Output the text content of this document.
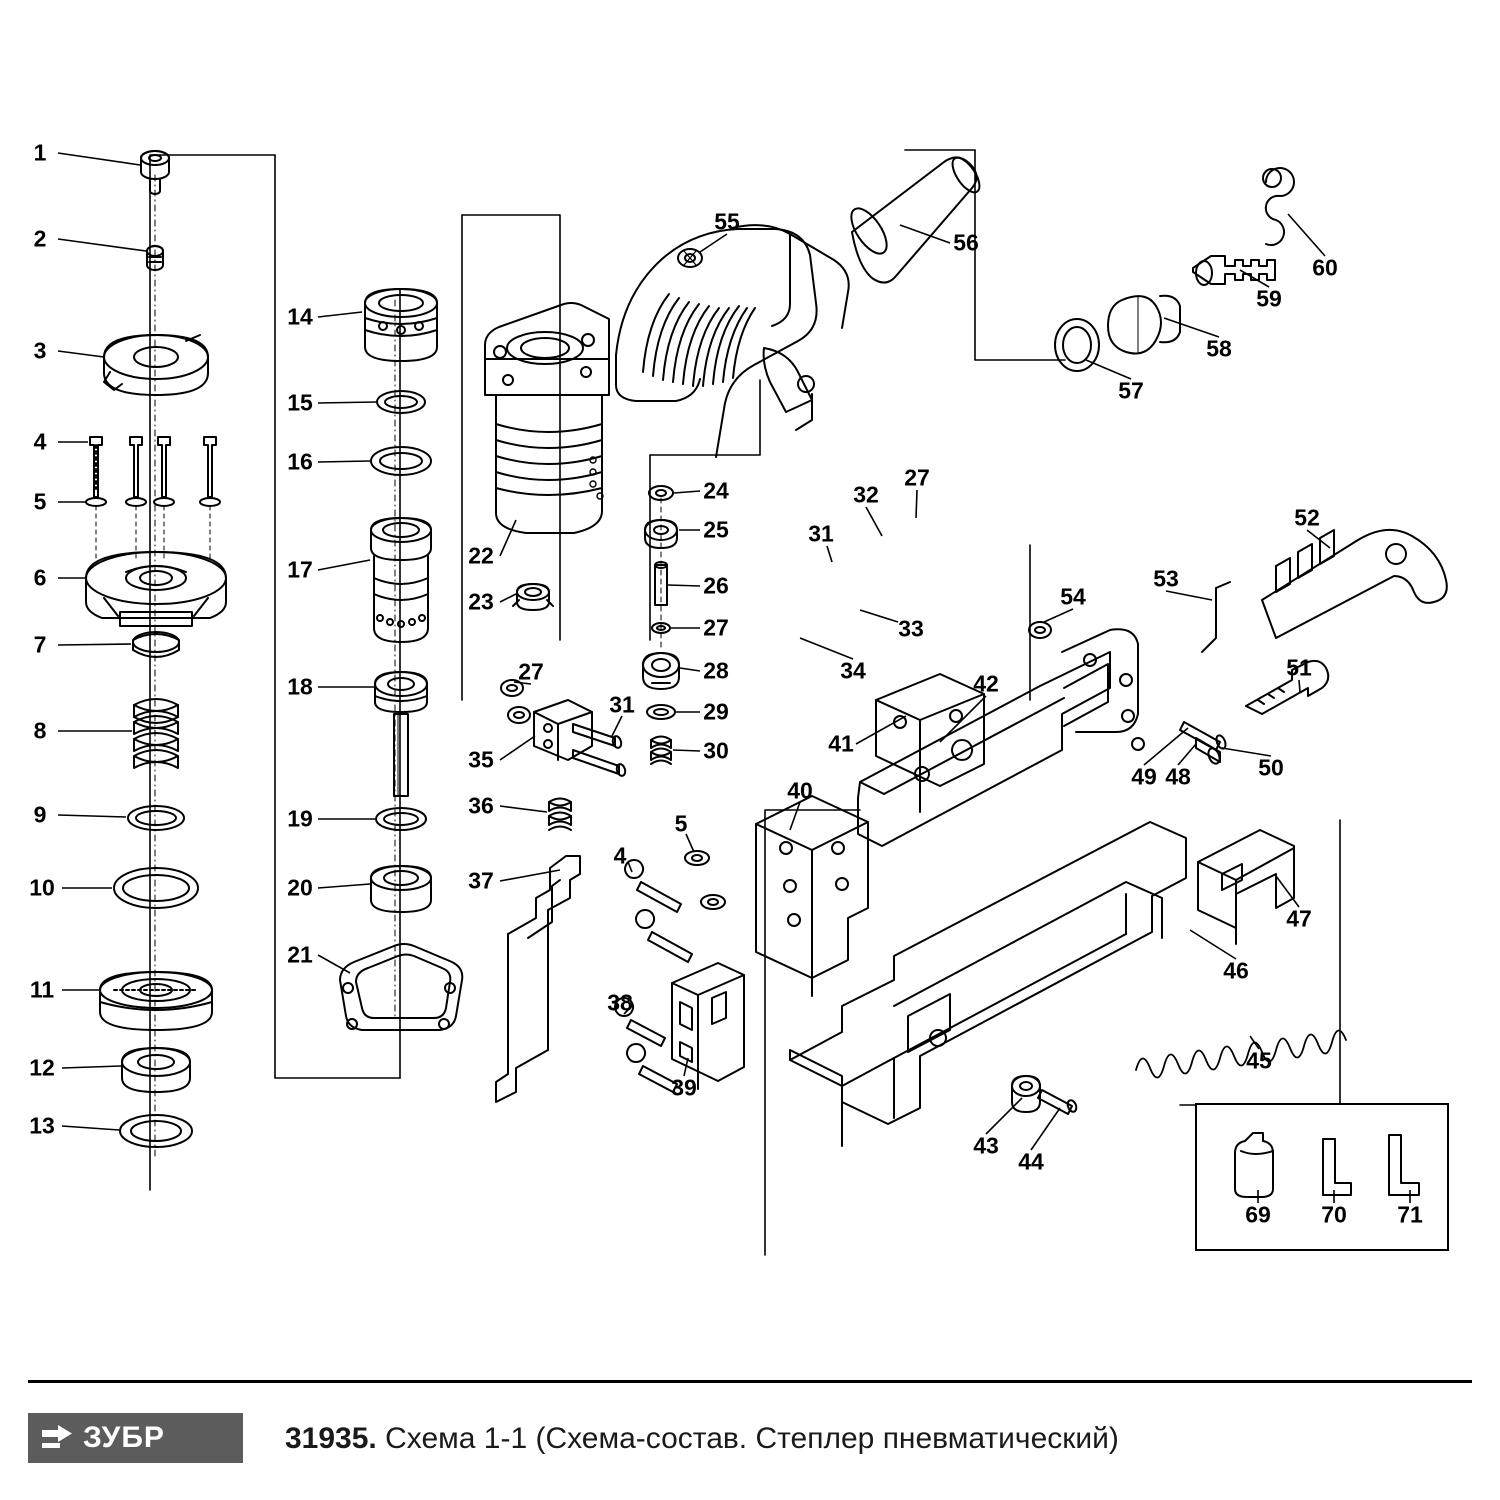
1
2
3
4
5
6
7
8
9
10
11
12
13
14
15
16
17
18
19
20
21
22
23
24
25
26
27
28
29
30
27
31
35
36
37
4
5
38
39
40
41
42
43
44
45
46
47
48
49	50
51
52
53
54
55
56
57
58
59
60
27
32
31
33
34
69 70 71
ЗУБР	31935. Схема 1-1 (Схема-состав. Степлер пневматический)
